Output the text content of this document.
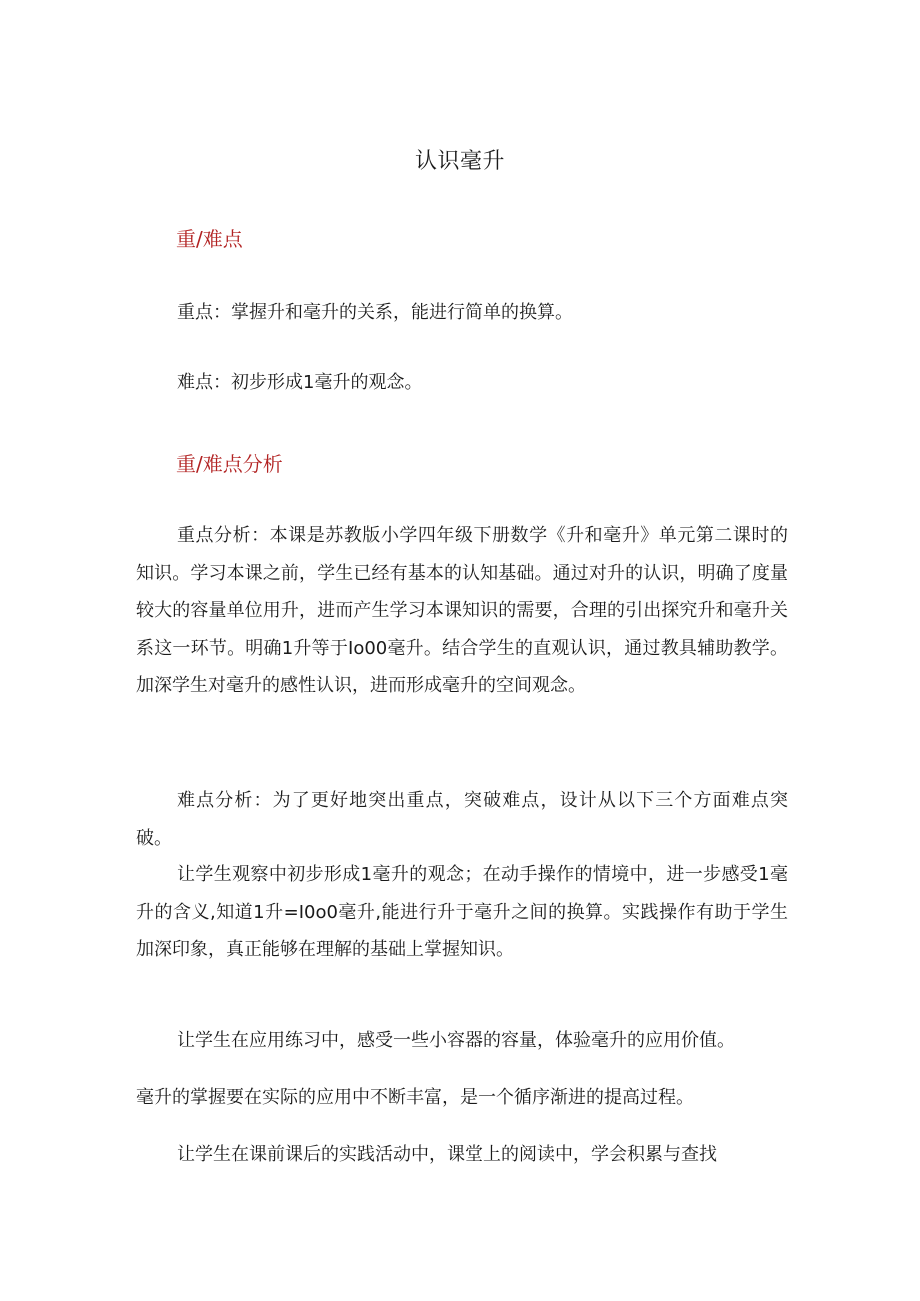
认识毫升
重/难点

重点：掌握升和毫升的关系，能进行简单的换算。

难点：初步形成1毫升的观念。

重/难点分析

重点分析：本课是苏教版小学四年级下册数学《升和毫升》单元第二课时的知识。学习本课之前，学生已经有基本的认知基础。通过对升的认识，明确了度量较大的容量单位用升，进而产生学习本课知识的需要，合理的引出探究升和毫升关系这一环节。明确1升等于Io00毫升。结合学生的直观认识，通过教具辅助教学。加深学生对毫升的感性认识，进而形成毫升的空间观念。

难点分析：为了更好地突出重点，突破难点，设计从以下三个方面难点突破。

让学生观察中初步形成1毫升的观念；在动手操作的情境中，进一步感受1毫升的含义,知道1升=I0o0毫升,能进行升于毫升之间的换算。实践操作有助于学生加深印象，真正能够在理解的基础上掌握知识。

让学生在应用练习中，感受一些小容器的容量，体验毫升的应用价值。

毫升的掌握要在实际的应用中不断丰富，是一个循序渐进的提高过程。

让学生在课前课后的实践活动中，课堂上的阅读中，学会积累与查找
